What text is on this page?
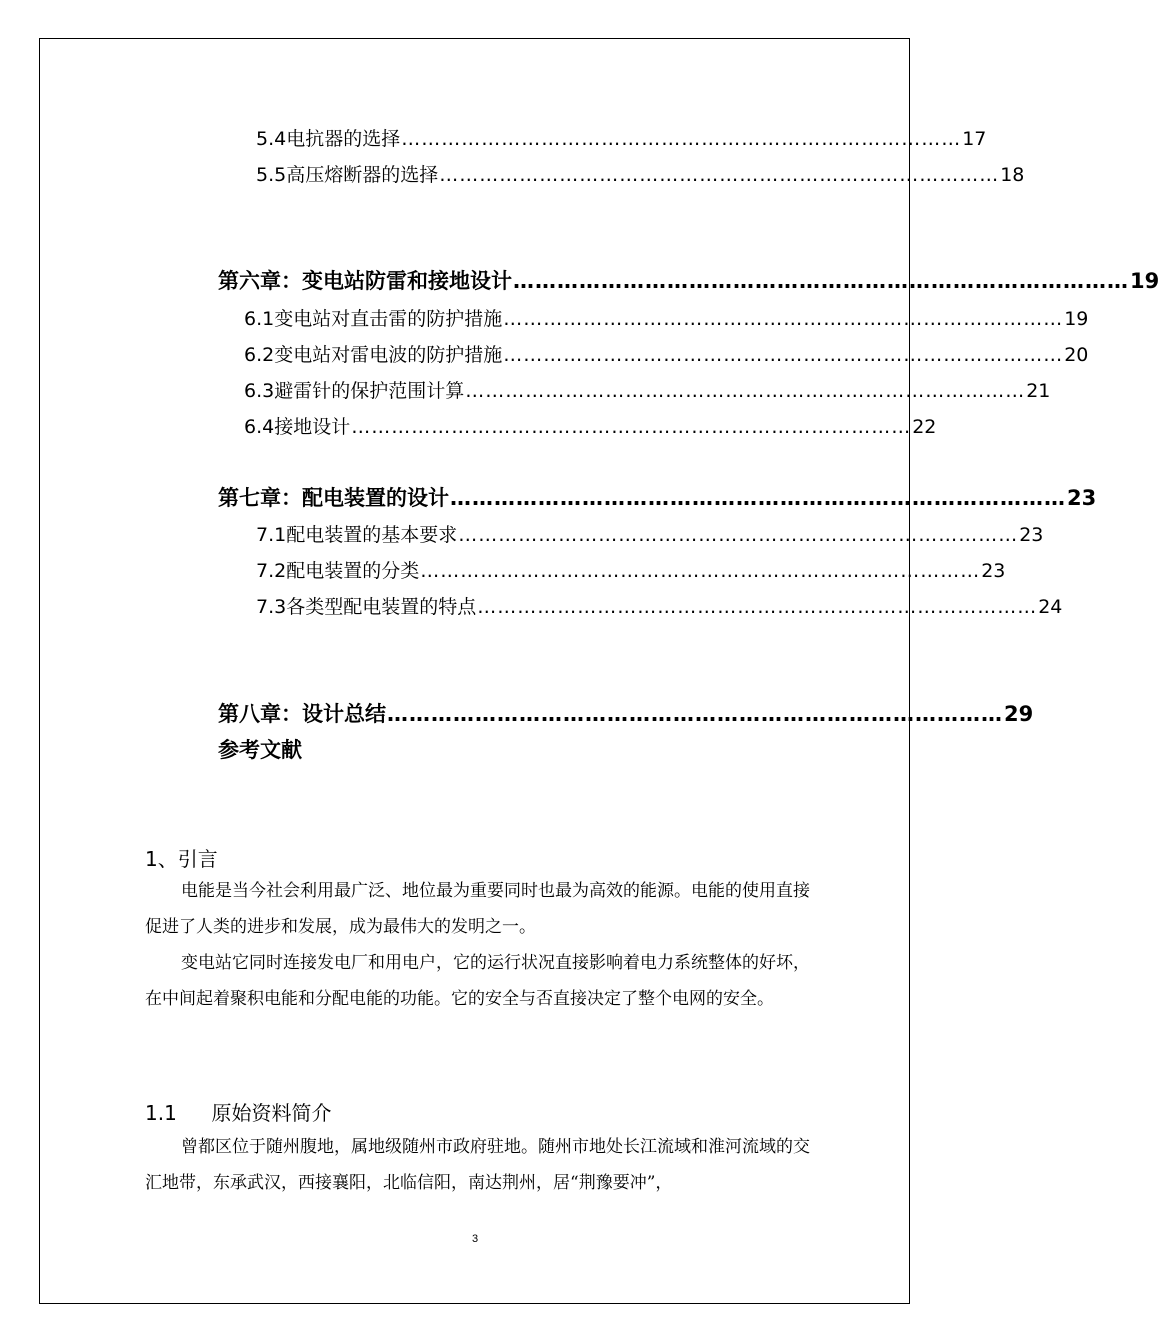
5.4电抗器的选择 ………………………………………………………………………… 17
5.5高压熔断器的选择 ………………………………………………………………………… 18
第六章：变电站防雷和接地设计 ………………………………………………………………………… 19
6.1变电站对直击雷的防护措施 ………………………………………………………………………… 19
6.2变电站对雷电波的防护措施 ………………………………………………………………………… 20
6.3避雷针的保护范围计算 ………………………………………………………………………… 21
6.4接地设计 ………………………………………………………………………… 22
第七章：配电装置的设计 ………………………………………………………………………… 23
7.1配电装置的基本要求 ………………………………………………………………………… 23
7.2配电装置的分类 ………………………………………………………………………… 23
7.3各类型配电装置的特点 ………………………………………………………………………… 24
第八章：设计总结 ………………………………………………………………………… 29
参考文献
1、引言

电能是当今社会利用最广泛、地位最为重要同时也最为高效的能源。电能的使用直接促进了人类的进步和发展，成为最伟大的发明之一。

变电站它同时连接发电厂和用电户，它的运行状况直接影响着电力系统整体的好坏，在中间起着聚积电能和分配电能的功能。它的安全与否直接决定了整个电网的安全。

1.1 原始资料简介

曾都区位于随州腹地，属地级随州市政府驻地。随州市地处长江流域和淮河流域的交汇地带，东承武汉，西接襄阳，北临信阳，南达荆州，居“荆豫要冲”，

3
